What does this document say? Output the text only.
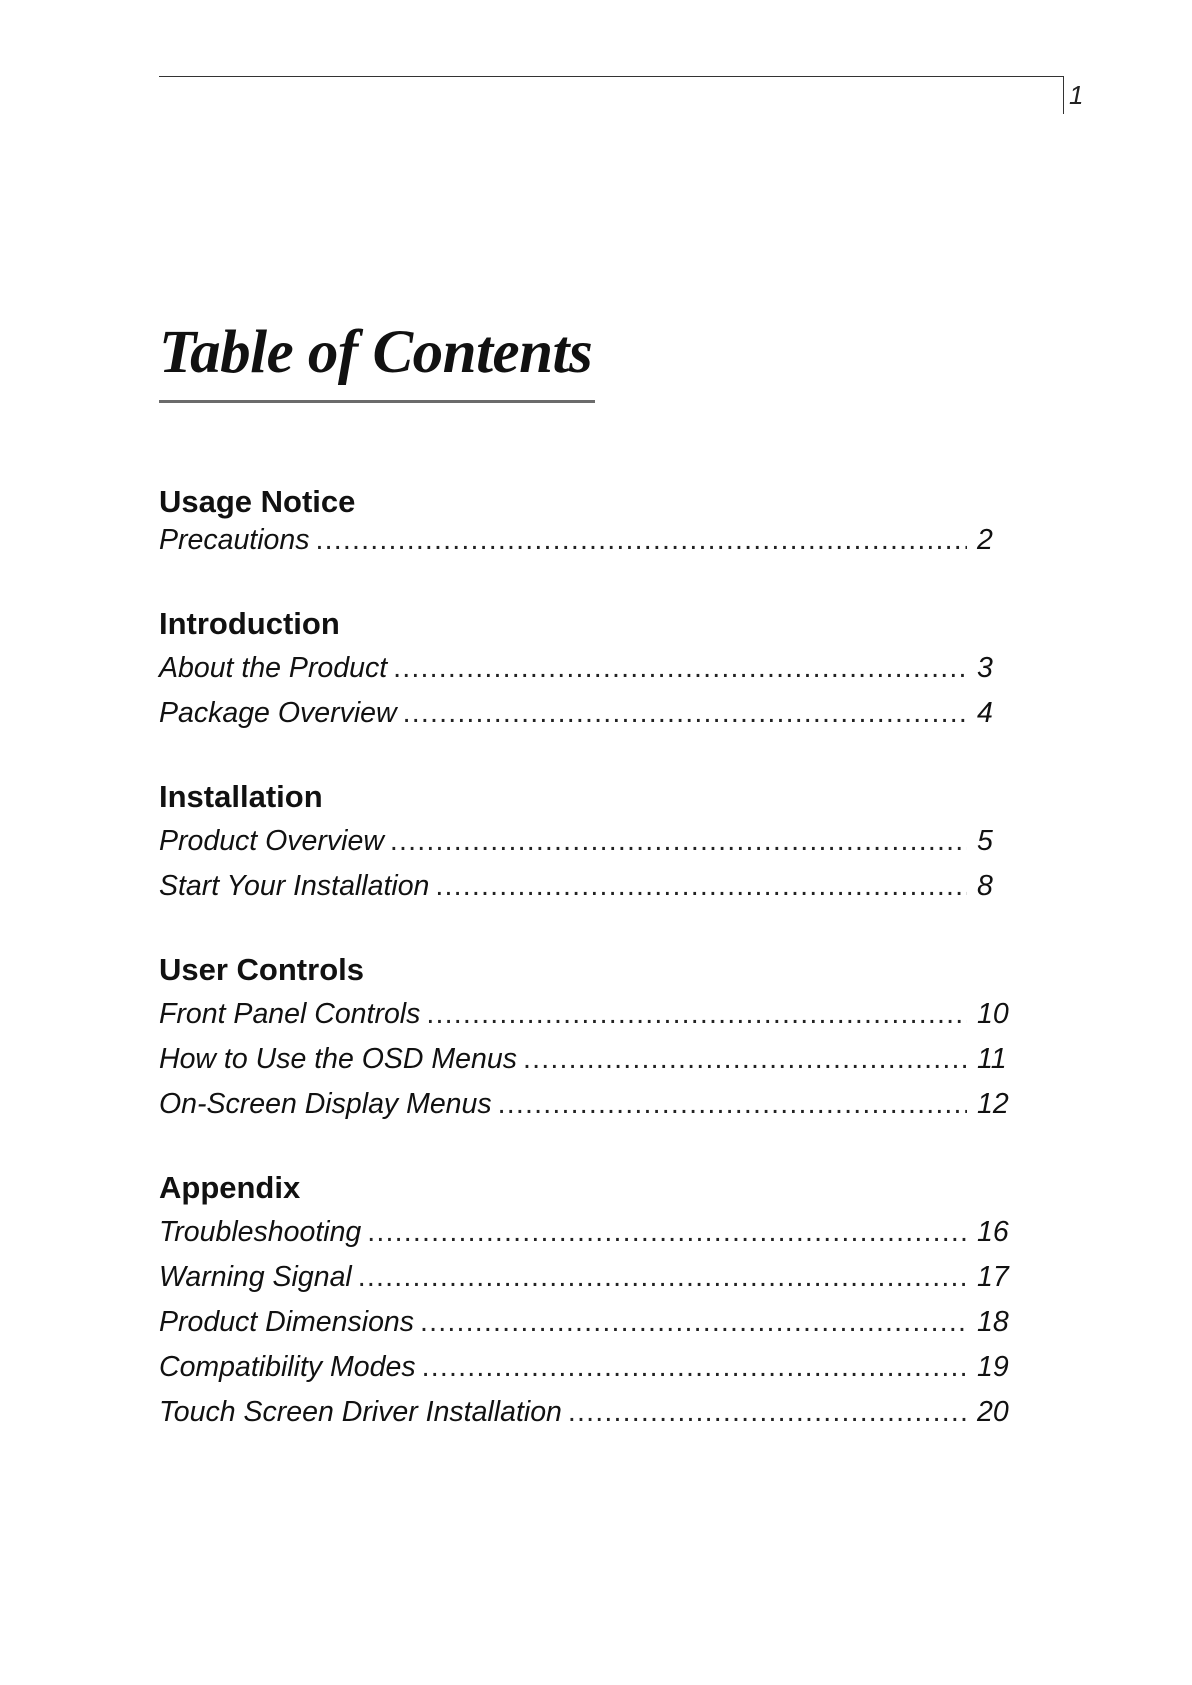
1
Table of Contents
Usage Notice
Precautions .....	2
Introduction
About the Product .....	3
Package Overview .....	4
Installation
Product Overview .....	5
Start Your Installation .....	8
User Controls
Front Panel Controls .....	10
How to Use the OSD Menus .....	11
On-Screen Display Menus .....	12
Appendix
Troubleshooting .....	16
Warning Signal .....	17
Product Dimensions .....	18
Compatibility Modes .....	19
Touch Screen Driver Installation .....	20
